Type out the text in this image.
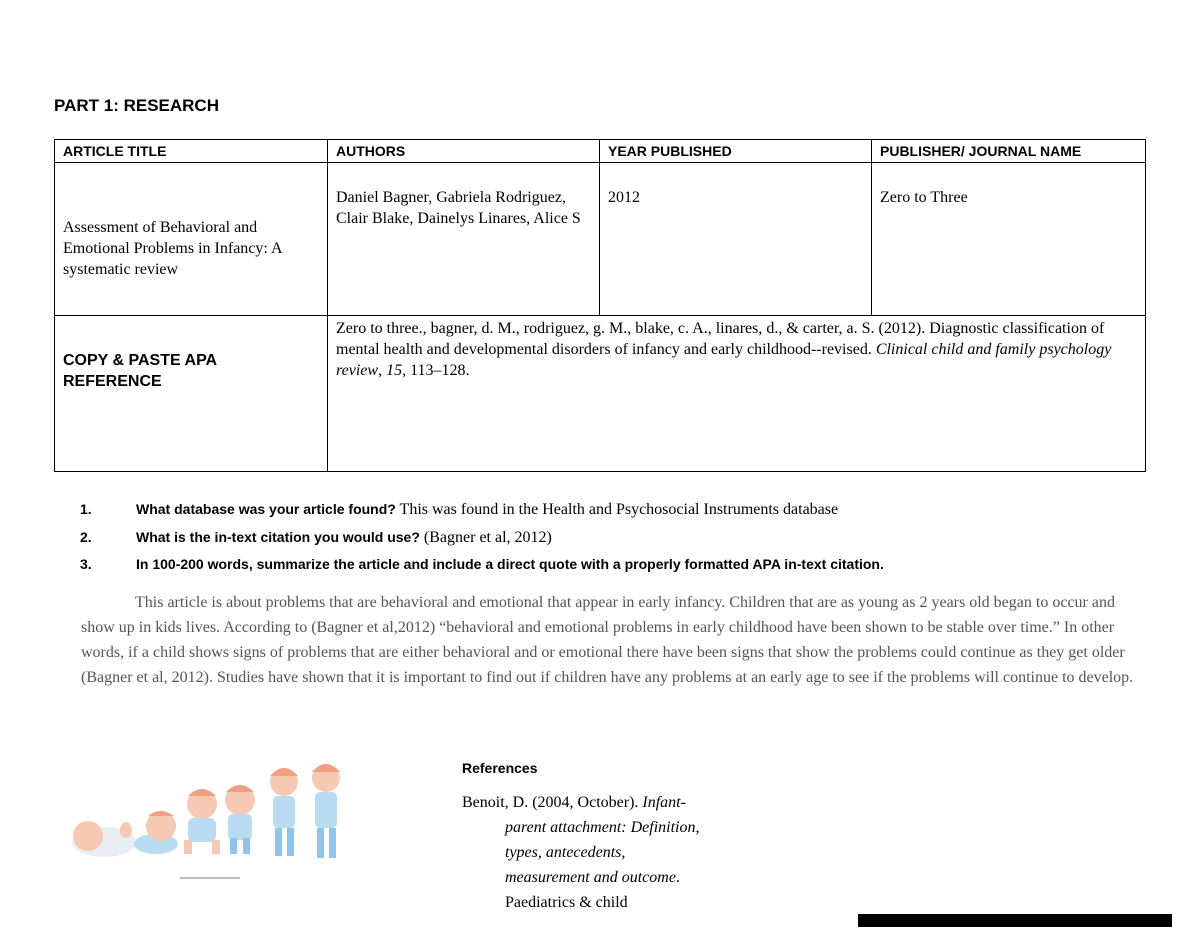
PART 1: RESEARCH
ARTICLE TITLE	AUTHORS	YEAR PUBLISHED	PUBLISHER/ JOURNAL NAME
Assessment of Behavioral and Emotional Problems in Infancy: A systematic review	Daniel Bagner, Gabriela Rodriguez, Clair Blake, Dainelys Linares, Alice S	2012	Zero to Three
COPY & PASTE APA REFERENCE	Zero to three., bagner, d. M., rodriguez, g. M., blake, c. A., linares, d., & carter, a. S. (2012). Diagnostic classification of mental health and developmental disorders of infancy and early childhood--revised. Clinical child and family psychology review, 15, 113–128.		
1.	What database was your article found? This was found in the Health and Psychosocial Instruments database
2.	What is the in-text citation you would use? (Bagner et al, 2012)
3.	In 100-200 words, summarize the article and include a direct quote with a properly formatted APA in-text citation.

This article is about problems that are behavioral and emotional that appear in early infancy. Children that are as young as 2 years old began to occur and show up in kids lives. According to (Bagner et al,2012) “behavioral and emotional problems in early childhood have been shown to be stable over time.” In other words, if a child shows signs of problems that are either behavioral and or emotional there have been signs that show the problems could continue as they get older (Bagner et al, 2012). Studies have shown that it is important to find out if children have any problems at an early age to see if the problems will continue to develop.

References

Benoit, D. (2004, October). Infant-
parent attachment: Definition,
types, antecedents,
measurement and outcome.
Paediatrics & child
